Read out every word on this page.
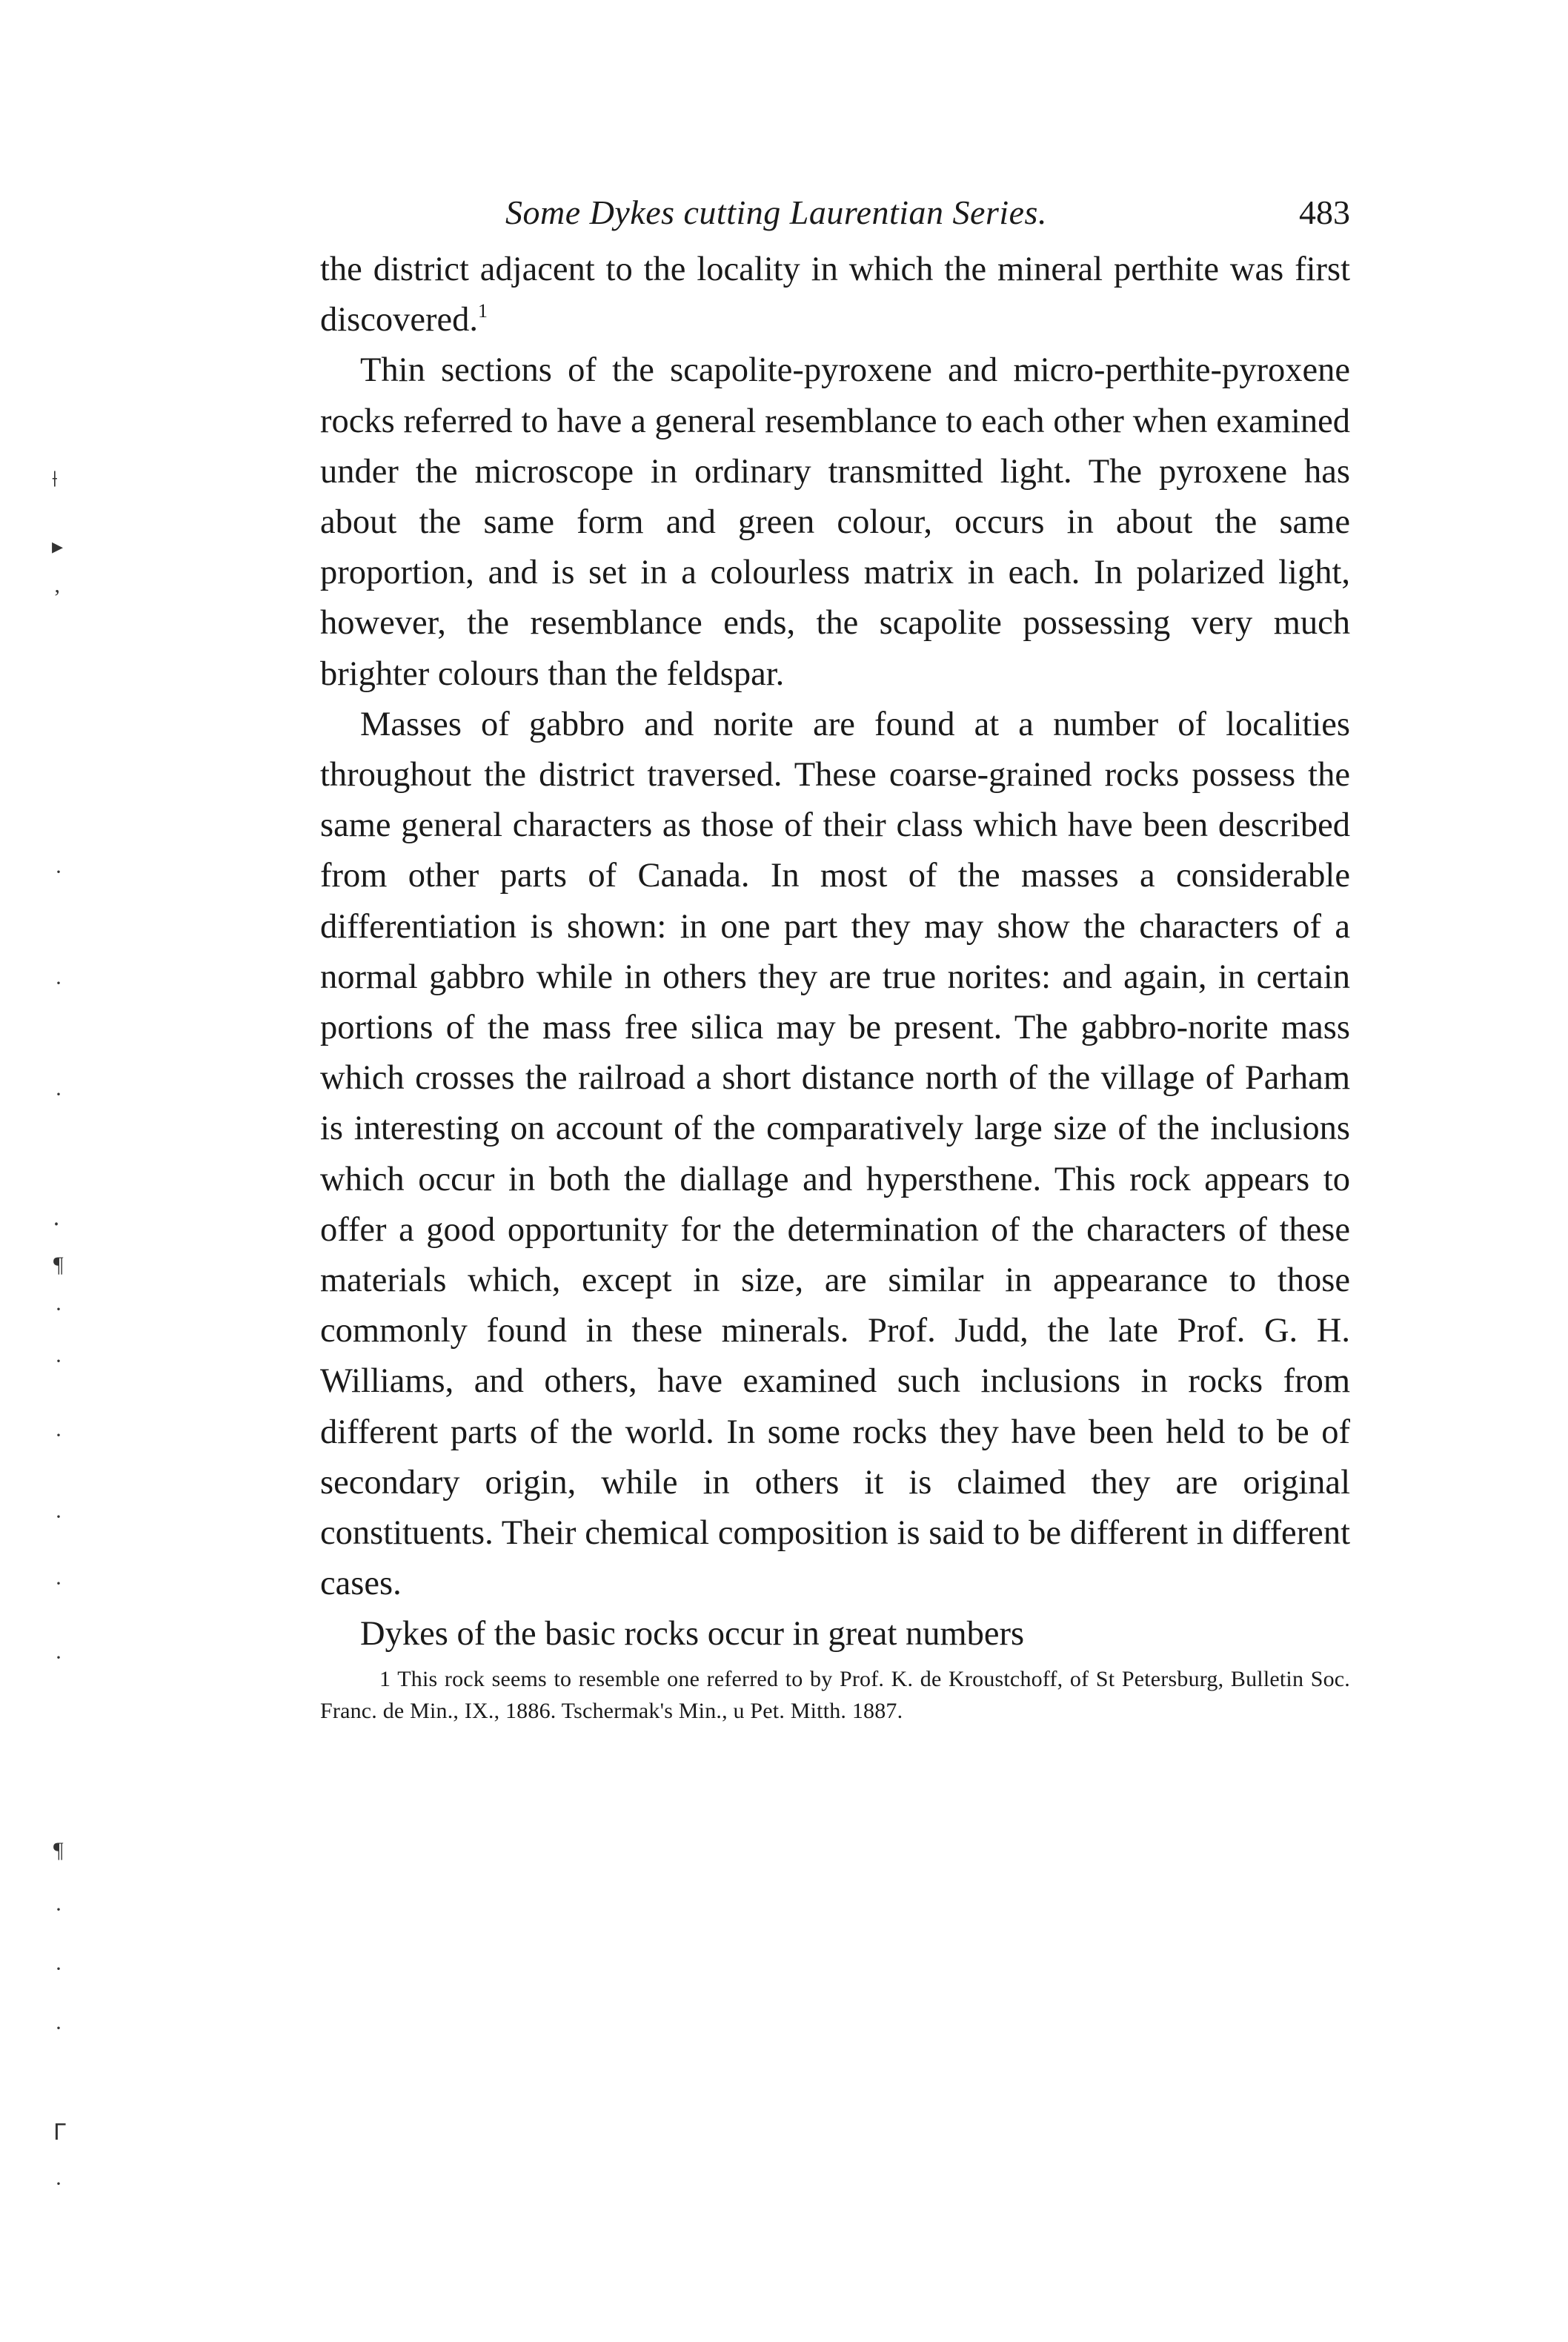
⟊
▸
ʼ
·
·
·
⸱
¶
·
·
·
·
·
·
¶
·
·
·
ᒥ
·
Some Dykes cutting Laurentian Series.	483

the district adjacent to the locality in which the mineral perthite was first discovered.$^1$

Thin sections of the scapolite-pyroxene and micro-perthite-pyroxene rocks referred to have a general resemblance to each other when examined under the microscope in ordinary transmitted light. The pyroxene has about the same form and green colour, occurs in about the same proportion, and is set in a colourless matrix in each. In polarized light, however, the resemblance ends, the scapolite possessing very much brighter colours than the feldspar.

Masses of gabbro and norite are found at a number of localities throughout the district traversed. These coarse-grained rocks possess the same general characters as those of their class which have been described from other parts of Canada. In most of the masses a considerable differentiation is shown: in one part they may show the characters of a normal gabbro while in others they are true norites: and again, in certain portions of the mass free silica may be present. The gabbro-norite mass which crosses the railroad a short distance north of the village of Parham is interesting on account of the comparatively large size of the inclusions which occur in both the diallage and hypersthene. This rock appears to offer a good opportunity for the determination of the characters of these materials which, except in size, are similar in appearance to those commonly found in these minerals. Prof. Judd, the late Prof. G. H. Williams, and others, have examined such inclusions in rocks from different parts of the world. In some rocks they have been held to be of secondary origin, while in others it is claimed they are original constituents. Their chemical composition is said to be different in different cases.

Dykes of the basic rocks occur in great numbers

1 This rock seems to resemble one referred to by Prof. K. de Kroustchoff, of St Petersburg, Bulletin Soc. Franc. de Min., IX., 1886. Tschermak's Min., u Pet. Mitth. 1887.
